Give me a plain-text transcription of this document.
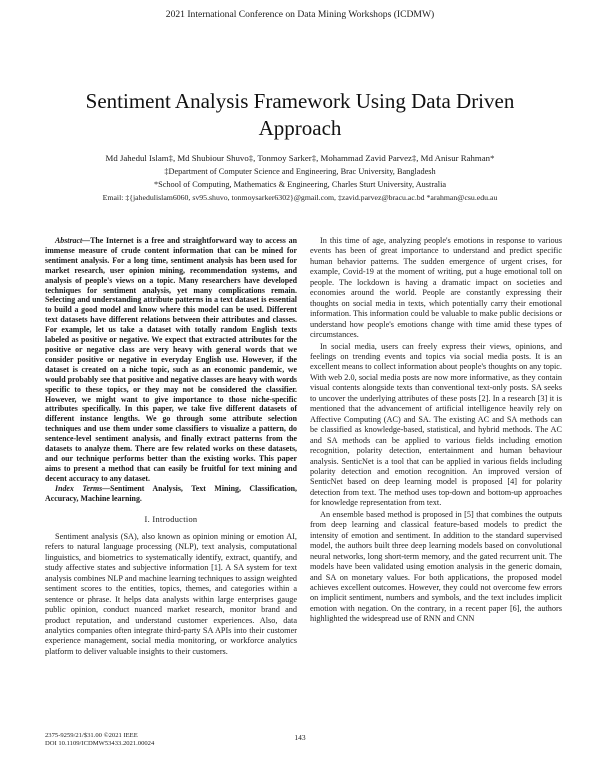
2021 International Conference on Data Mining Workshops (ICDMW)
Sentiment Analysis Framework Using Data Driven
Approach
Md Jahedul Islam‡, Md Shubiour Shuvo‡, Tonmoy Sarker‡, Mohammad Zavid Parvez‡, Md Anisur Rahman*
‡Department of Computer Science and Engineering, Brac University, Bangladesh
*School of Computing, Mathematics & Engineering, Charles Sturt University, Australia
Email: ‡{jahedulislam6060, sv95.shuvo, tonmoysarker6302}@gmail.com, ‡zavid.parvez@bracu.ac.bd *arahman@csu.edu.au

Abstract—The Internet is a free and straightforward way to access an immense measure of crude content information that can be mined for sentiment analysis. For a long time, sentiment analysis has been used for market research, user opinion mining, recommendation systems, and analysis of people's views on a topic. Many researchers have developed techniques for sentiment analysis, yet many complications remain. Selecting and understanding attribute patterns in a text dataset is essential to build a good model and know where this model can be used. Different text datasets have different relations between their attributes and classes. For example, let us take a dataset with totally random English texts labeled as positive or negative. We expect that extracted attributes for the positive or negative class are very heavy with general words that we consider positive or negative in everyday English use. However, if the dataset is created on a niche topic, such as an economic pandemic, we would probably see that positive and negative classes are heavy with words specific to these topics, or they may not be considered the classifier. However, we might want to give importance to those niche-specific attributes specifically. In this paper, we take five different datasets of different instance lengths. We go through some attribute selection techniques and use them under some classifiers to visualize a pattern, do sentence-level sentiment analysis, and finally extract patterns from the datasets to analyze them. There are few related works on these datasets, and our technique performs better than the existing works. This paper aims to present a method that can easily be fruitful for text mining and decent accuracy to any dataset.

Index Terms—Sentiment Analysis, Text Mining, Classification, Accuracy, Machine learning.

I. Introduction

Sentiment analysis (SA), also known as opinion mining or emotion AI, refers to natural language processing (NLP), text analysis, computational linguistics, and biometrics to systematically identify, extract, quantify, and study affective states and subjective information [1]. A SA system for text analysis combines NLP and machine learning techniques to assign weighted sentiment scores to the entities, topics, themes, and categories within a sentence or phrase. It helps data analysts within large enterprises gauge public opinion, conduct nuanced market research, monitor brand and product reputation, and understand customer experiences. Also, data analytics companies often integrate third-party SA APIs into their customer experience management, social media monitoring, or workforce analytics platform to deliver valuable insights to their customers.

In this time of age, analyzing people's emotions in response to various events has been of great importance to understand and predict specific human behavior patterns. The sudden emergence of urgent crises, for example, Covid-19 at the moment of writing, put a huge emotional toll on people. The lockdown is having a dramatic impact on societies and economies around the world. People are constantly expressing their thoughts on social media in texts, which potentially carry their emotional information. This information could be valuable to make public decisions or understand how people's emotions change with time amid these types of circumstances.

In social media, users can freely express their views, opinions, and feelings on trending events and topics via social media posts. It is an excellent means to collect information about people's thoughts on any topic. With web 2.0, social media posts are now more informative, as they contain visual contents alongside texts than conventional text-only posts. SA seeks to uncover the underlying attributes of these posts [2]. In a research [3] it is mentioned that the advancement of artificial intelligence heavily rely on Affective Computing (AC) and SA. The existing AC and SA methods can be classified as knowledge-based, statistical, and hybrid methods. The AC and SA methods can be applied to various fields including emotion recognition, polarity detection, entertainment and human behaviour analysis. SenticNet is a tool that can be applied in various fields including polarity detection and emotion recognition. An improved version of SenticNet based on deep learning model is proposed [4] for polarity detection from text. The method uses top-down and bottom-up approaches for knowledge representation from text.

An ensemble based method is proposed in [5] that combines the outputs from deep learning and classical feature-based models to predict the intensity of emotion and sentiment. In addition to the standard supervised model, the authors built three deep learning models based on convolutional neural networks, long short-term memory, and the gated recurrent unit. The models have been validated using emotion analysis in the generic domain, and SA on monetary values. For both applications, the proposed model achieves excellent outcomes. However, they could not overcome few errors on implicit sentiment, numbers and symbols, and the text includes implicit emotion with negation. On the contrary, in a recent paper [6], the authors highlighted the widespread use of RNN and CNN

2375-9259/21/$31.00 ©2021 IEEE
DOI 10.1109/ICDMW53433.2021.00024
143
